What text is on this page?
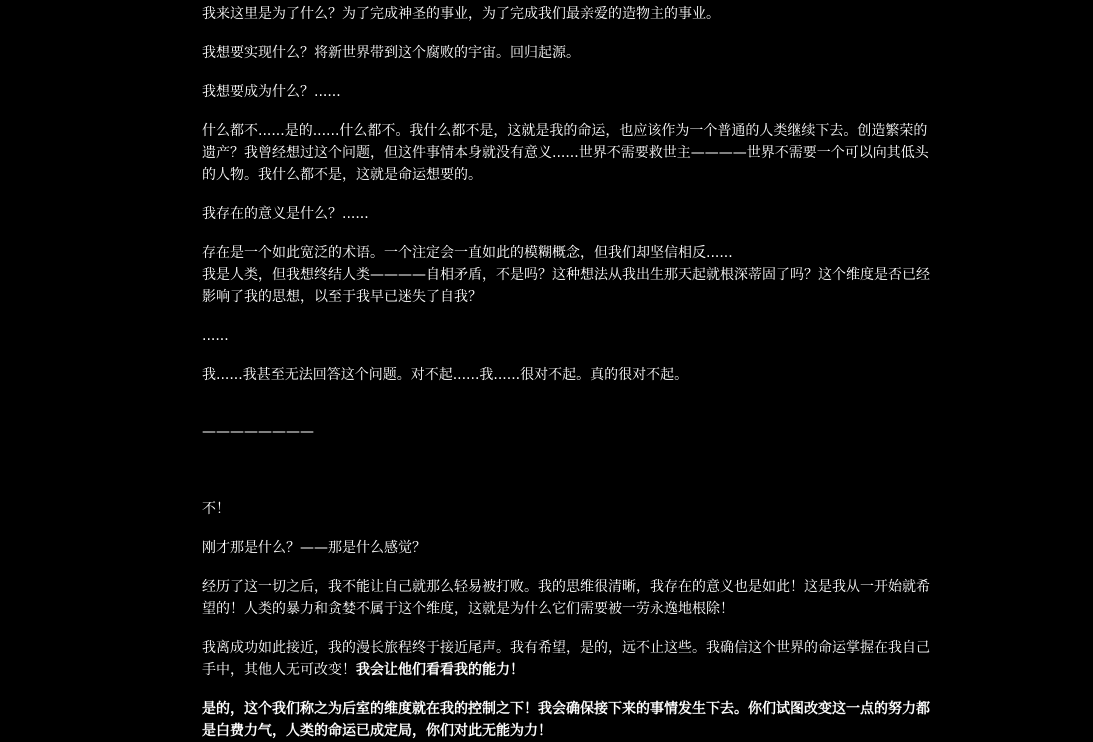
我来这里是为了什么？为了完成神圣的事业，为了完成我们最亲爱的造物主的事业。

我想要实现什么？将新世界带到这个腐败的宇宙。回归起源。

我想要成为什么？......

什么都不......是的......什么都不。我什么都不是，这就是我的命运，也应该作为一个普通的人类继续下去。创造繁荣的遗产？我曾经想过这个问题，但这件事情本身就没有意义......世界不需要救世主————世界不需要一个可以向其低头的人物。我什么都不是，这就是命运想要的。

我存在的意义是什么？......

存在是一个如此宽泛的术语。一个注定会一直如此的模糊概念，但我们却坚信相反......

我是人类，但我想终结人类————自相矛盾，不是吗？这种想法从我出生那天起就根深蒂固了吗？这个维度是否已经影响了我的思想，以至于我早已迷失了自我？

......

我......我甚至无法回答这个问题。对不起......我......很对不起。真的很对不起。

————————

不！

刚才那是什么？——那是什么感觉？

经历了这一切之后，我不能让自己就那么轻易被打败。我的思维很清晰，我存在的意义也是如此！这是我从一开始就希望的！人类的暴力和贪婪不属于这个维度，这就是为什么它们需要被一劳永逸地根除！

我离成功如此接近，我的漫长旅程终于接近尾声。我有希望，是的，远不止这些。我确信这个世界的命运掌握在我自己手中，其他人无可改变！我会让他们看看我的能力！

是的，这个我们称之为后室的维度就在我的控制之下！我会确保接下来的事情发生下去。你们试图改变这一点的努力都是白费力气，人类的命运已成定局，你们对此无能为力！
